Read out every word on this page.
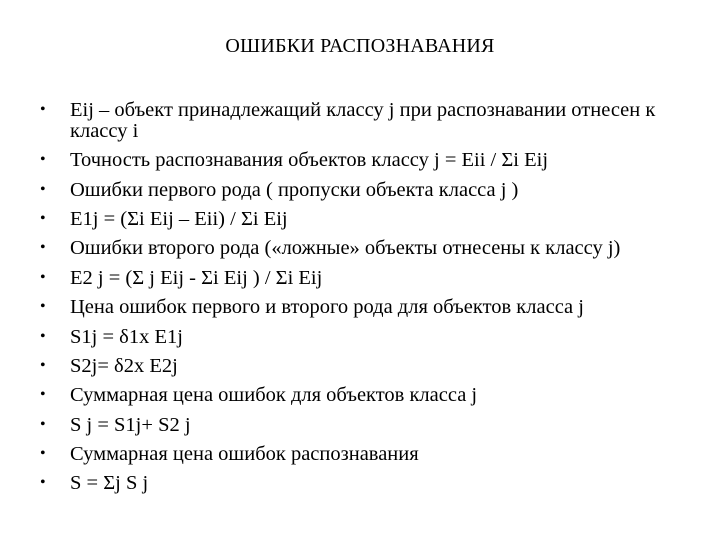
ОШИБКИ РАСПОЗНАВАНИЯ
• Eij – объект принадлежащий классу j при распознавании отнесен к классу i
• Точность распознавания объектов классу j = Eii / Σi Eij
• Ошибки первого рода ( пропуски объекта класса j )
• E1j = (Σi Eij – Eii) / Σi Eij
• Ошибки второго рода («ложные» объекты отнесены к классу j)
• E2 j = (Σ j Eij - Σi Eij ) / Σi Eij
• Цена ошибок первого и второго рода для объектов класса j
• S1j = δ1x E1j
• S2j= δ2x E2j
• Суммарная цена ошибок для объектов класса j
• S j = S1j+ S2 j
• Суммарная цена ошибок распознавания
• S = Σj S j
